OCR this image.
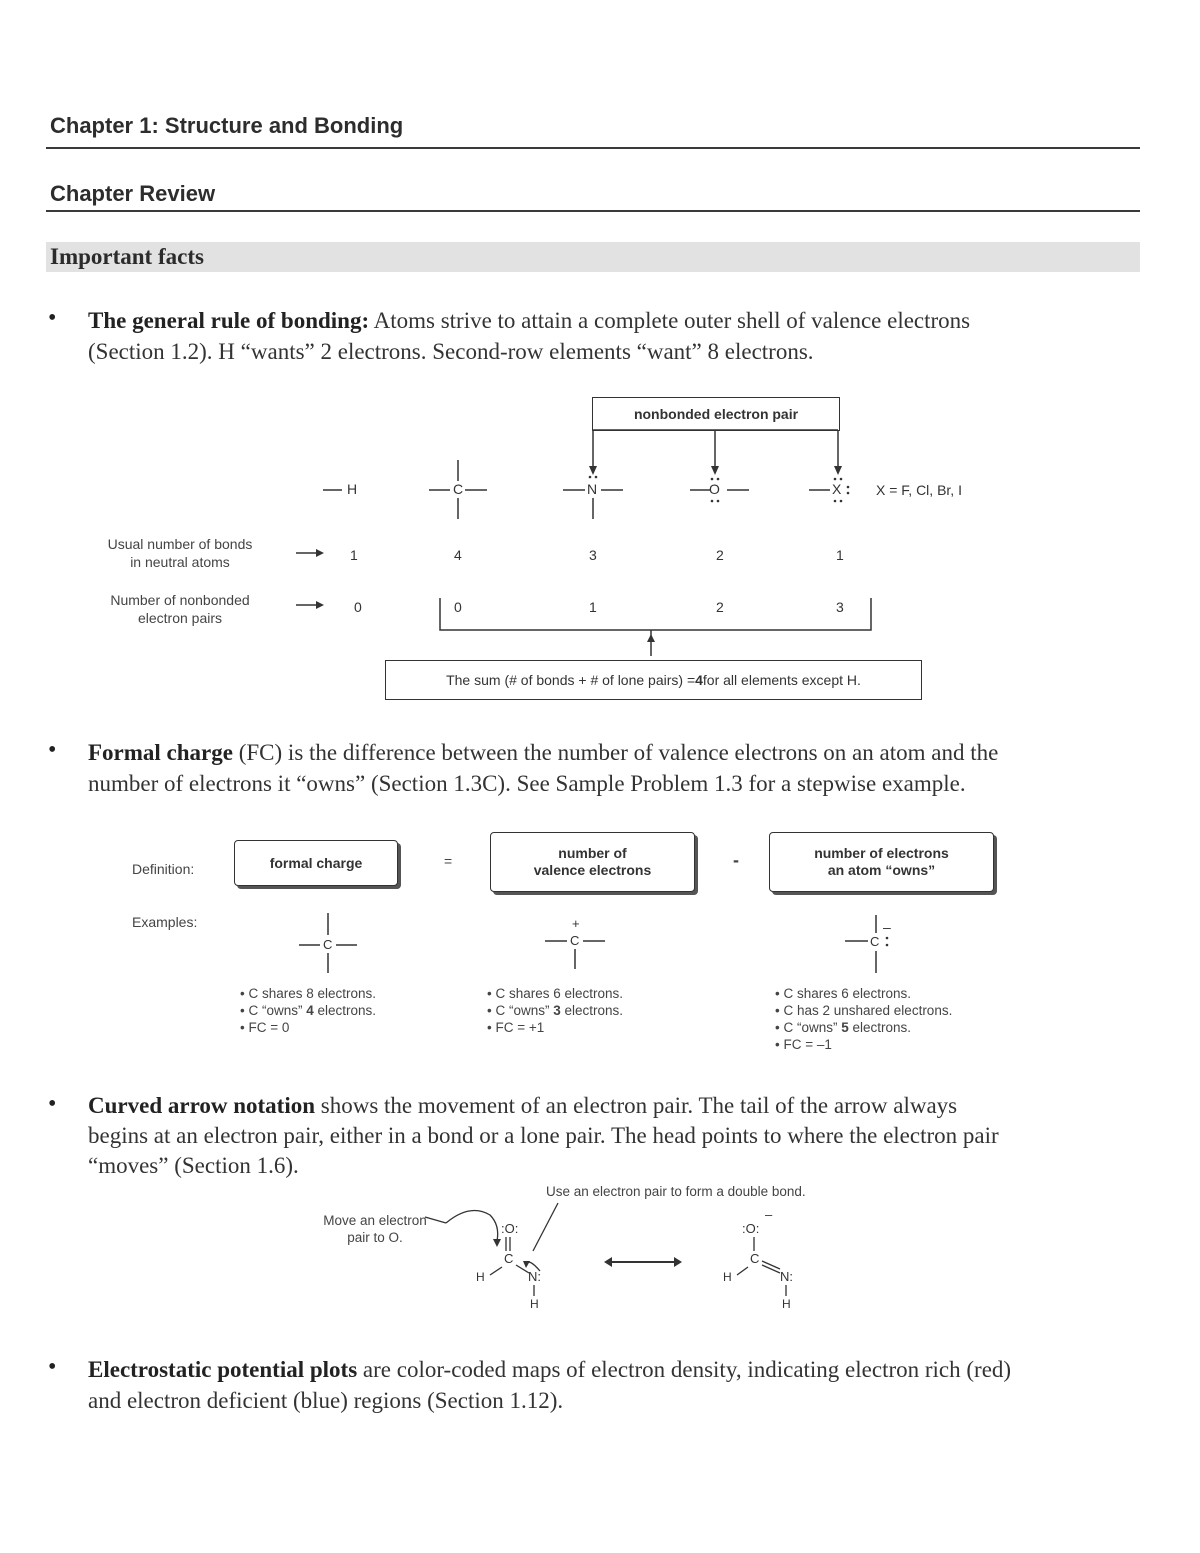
Chapter 1: Structure and Bonding
Chapter Review
Important facts
• The general rule of bonding: Atoms strive to attain a complete outer shell of valence electrons
(Section 1.2). H “wants” 2 electrons. Second-row elements “want” 8 electrons.
nonbonded electron pair
H	C	N	O	X X = F, Cl, Br, I
Usual number of bonds
in neutral atoms
Number of nonbonded
electron pairs
1	4	3	2	1
0	0	1	2	3
The sum (# of bonds + # of lone pairs) = 4 for all elements except H.
• Formal charge (FC) is the difference between the number of valence electrons on an atom and the
number of electrons it “owns” (Section 1.3C). See Sample Problem 1.3 for a stepwise example.
Definition:
Examples:
formal charge	=	number of
valence electrons	-	number of electrons
an atom “owns”
C	C
+
C
–
• C shares 8 electrons.
• C “owns” 4 electrons.
• FC = 0
• C shares 6 electrons.
• C “owns” 3 electrons.
• FC = +1
• C shares 6 electrons.
• C has 2 unshared electrons.
• C “owns” 5 electrons.
• FC = –1
• Curved arrow notation shows the movement of an electron pair. The tail of the arrow always
begins at an electron pair, either in a bond or a lone pair. The head points to where the electron pair
“moves” (Section 1.6).
Use an electron pair to form a double bond.
Move an electron
pair to O.
:O:
C
H	N:
H
:O:
–
C
H	N:
H
• Electrostatic potential plots are color-coded maps of electron density, indicating electron rich (red)
and electron deficient (blue) regions (Section 1.12).
